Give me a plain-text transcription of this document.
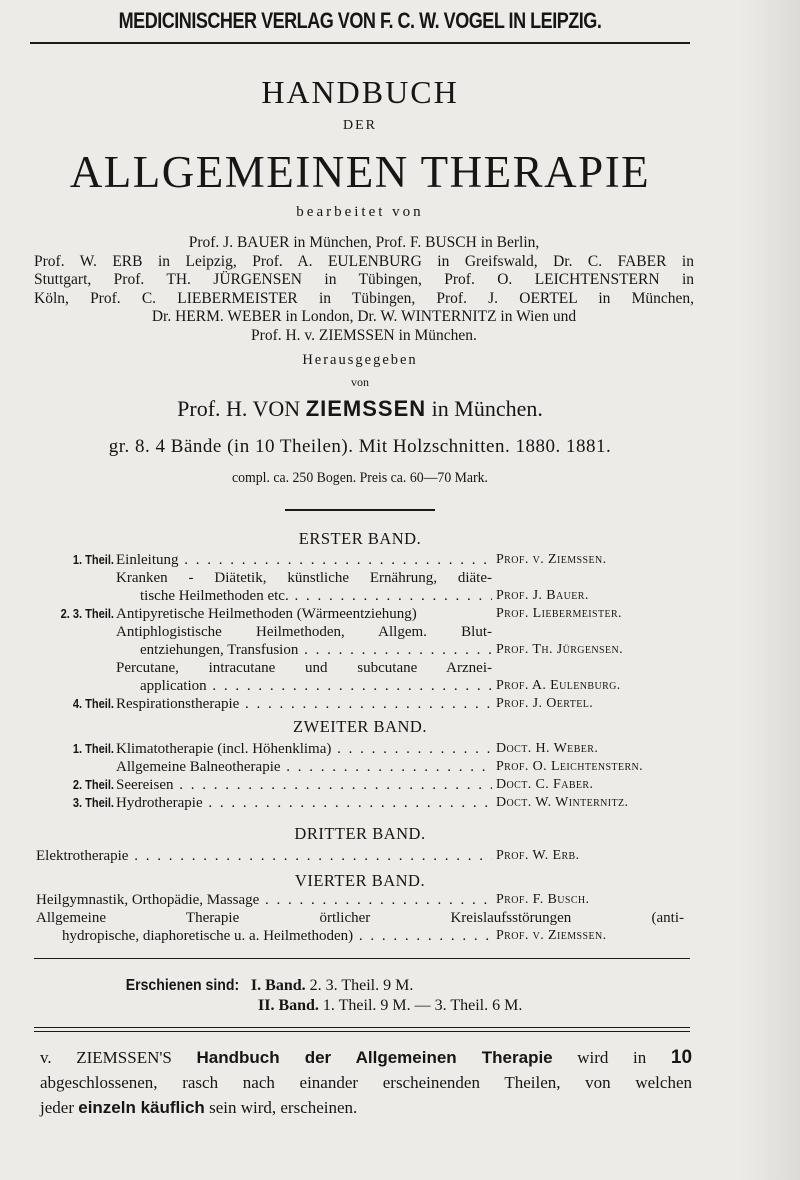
MEDICINISCHER VERLAG VON F. C. W. VOGEL IN LEIPZIG.
HANDBUCH
DER
ALLGEMEINEN THERAPIE
bearbeitet von
Prof. J. BAUER in München, Prof. F. BUSCH in Berlin,
Prof. W. ERB in Leipzig, Prof. A. EULENBURG in Greifswald, Dr. C. FABER in
Stuttgart, Prof. TH. JÜRGENSEN in Tübingen, Prof. O. LEICHTENSTERN in
Köln, Prof. C. LIEBERMEISTER in Tübingen, Prof. J. OERTEL in München,
Dr. HERM. WEBER in London, Dr. W. WINTERNITZ in Wien und
Prof. H. v. ZIEMSSEN in München.
Herausgegeben
von
Prof. H. VON ZIEMSSEN in München.
gr. 8. 4 Bände (in 10 Theilen). Mit Holzschnitten. 1880. 1881.
compl. ca. 250 Bogen. Preis ca. 60—70 Mark.
ERSTER BAND.
1. Theil. Einleitung . . .	Prof. v. Ziemssen.
Kranken - Diätetik, künstliche Ernährung, diäte-
tische Heilmethoden etc. . . .	Prof. J. Bauer.
2. 3. Theil. Antipyretische Heilmethoden (Wärmeentziehung)	Prof. Liebermeister.
Antiphlogistische Heilmethoden, Allgem. Blut-
entziehungen, Transfusion . . .	Prof. Th. Jürgensen.
Percutane, intracutane und subcutane Arznei-
application . . .	Prof. A. Eulenburg.
4. Theil. Respirationstherapie . . .	Prof. J. Oertel.
ZWEITER BAND.
1. Theil. Klimatotherapie (incl. Höhenklima) . . .	Doct. H. Weber.
Allgemeine Balneotherapie . . .	Prof. O. Leichtenstern.
2. Theil. Seereisen . . .	Doct. C. Faber.
3. Theil. Hydrotherapie . . .	Doct. W. Winternitz.
DRITTER BAND.
Elektrotherapie . . .	Prof. W. Erb.
VIERTER BAND.
Heilgymnastik, Orthopädie, Massage . . .	Prof. F. Busch.
Allgemeine Therapie örtlicher Kreislaufsstörungen (anti-
hydropische, diaphoretische u. a. Heilmethoden) . . .	Prof. v. Ziemssen.
Erschienen sind: I. Band. 2. 3. Theil. 9 M.
II. Band. 1. Theil. 9 M. — 3. Theil. 6 M.
v. ZIEMSSEN'S Handbuch der Allgemeinen Therapie wird in 10
abgeschlossenen, rasch nach einander erscheinenden Theilen, von welchen
jeder einzeln käuflich sein wird, erscheinen.
